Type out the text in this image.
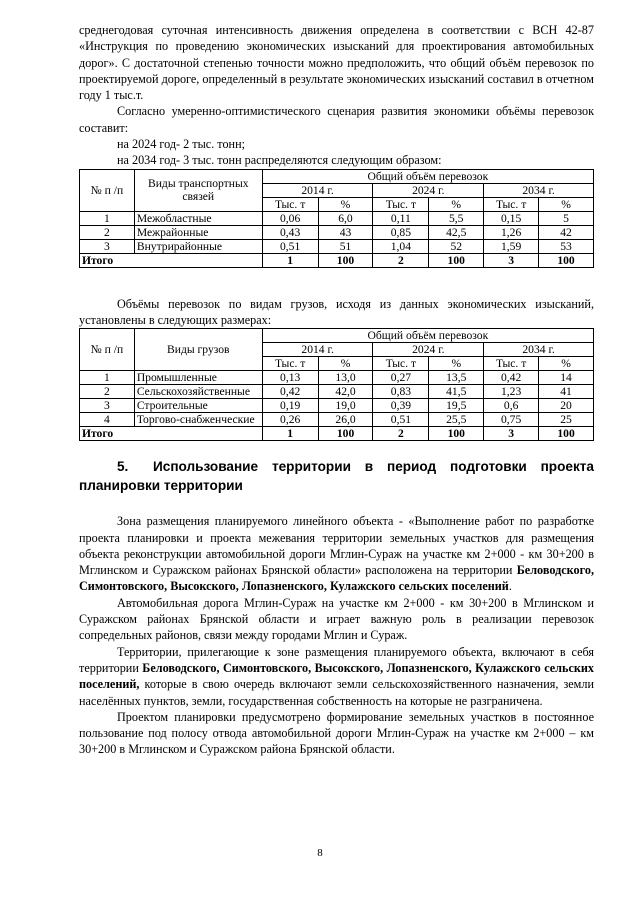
среднегодовая суточная интенсивность движения определена в соответствии с ВСН 42-87 «Инструкция по проведению экономических изысканий для проектирования автомобильных дорог». С достаточной степенью точности можно предположить, что общий объём перевозок по проектируемой дороге, определенный в результате экономических изысканий составил в отчетном году 1 тыс.т.

Согласно умеренно-оптимистического сценария развития экономики объёмы перевозок составит:

на 2024 год- 2 тыс. тонн;

на 2034 год- 3 тыс. тонн распределяются следующим образом:

№ п /п	Виды транспортных связей	Общий объём перевозок					
		2014 г.		2024 г.		2034 г.	
		Тыс. т	%	Тыс. т	%	Тыс. т	%
1	Межобластные	0,06	6,0	0,11	5,5	0,15	5
2	Межрайонные	0,43	43	0,85	42,5	1,26	42
3	Внутрирайонные	0,51	51	1,04	52	1,59	53
Итого		1	100	2	100	3	100

Объёмы перевозок по видам грузов, исходя из данных экономических изысканий, установлены в следующих размерах:

№ п /п	Виды грузов	Общий объём перевозок					
		2014 г.		2024 г.		2034 г.	
		Тыс. т	%	Тыс. т	%	Тыс. т	%
1	Промышленные	0,13	13,0	0,27	13,5	0,42	14
2	Сельскохозяйственные	0,42	42,0	0,83	41,5	1,23	41
3	Строительные	0,19	19,0	0,39	19,5	0,6	20
4	Торгово-снабженческие	0,26	26,0	0,51	25,5	0,75	25
Итого		1	100	2	100	3	100
5. Использование территории в период подготовки проекта планировки территории

Зона размещения планируемого линейного объекта - «Выполнение работ по разработке проекта планировки и проекта межевания территории земельных участков для размещения объекта реконструкции автомобильной дороги Мглин-Сураж на участке км 2+000 - км 30+200 в Мглинском и Суражском районах Брянской области» расположена на территории Беловодского, Симонтовского, Высокского, Лопазненского, Кулажского сельских поселений.

Автомобильная дорога Мглин-Сураж на участке км 2+000 - км 30+200 в Мглинском и Суражском районах Брянской области и играет важную роль в реализации перевозок сопредельных районов, связи между городами Мглин и Сураж.

Территории, прилегающие к зоне размещения планируемого объекта, включают в себя территории Беловодского, Симонтовского, Высокского, Лопазненского, Кулажского сельских поселений, которые в свою очередь включают земли сельскохозяйственного назначения, земли населённых пунктов, земли, государственная собственность на которые не разграничена.

Проектом планировки предусмотрено формирование земельных участков в постоянное пользование под полосу отвода автомобильной дороги Мглин-Сураж на участке км 2+000 – км 30+200 в Мглинском и Суражском района Брянской области.

8
